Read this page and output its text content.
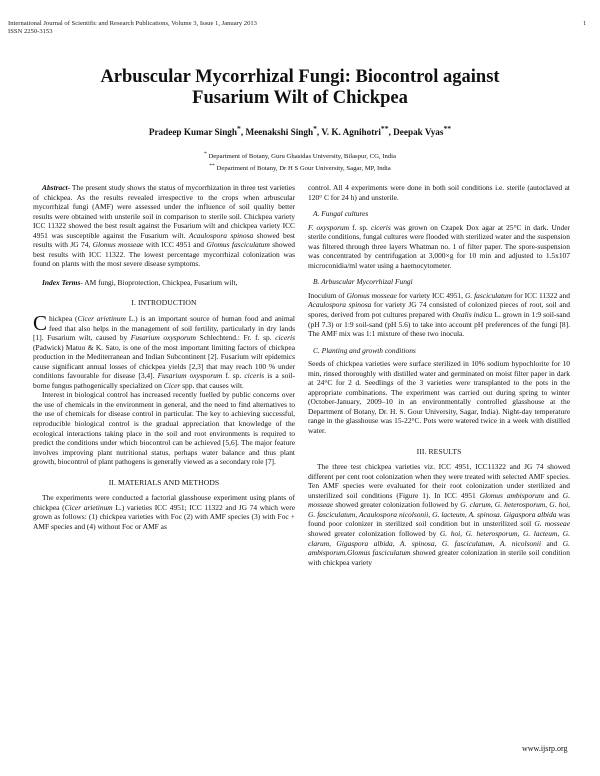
International Journal of Scientific and Research Publications, Volume 3, Issue 1, January 2013
ISSN 2250-3153
1
Arbuscular Mycorrhizal Fungi: Biocontrol against
Fusarium Wilt of Chickpea
Pradeep Kumar Singh*, Meenakshi Singh*, V. K. Agnihotri**, Deepak Vyas**
* Department of Botany, Guru Ghasidas University, Bilaspur, CG, India
** Department of Botany, Dr H S Gour University, Sagar, MP, India

Abstract- The present study shows the status of mycorrhization in three test varieties of chickpea. As the results revealed irrespective to the crops when arbuscular mycorrhizal fungi (AMF) were assessed under the influence of soil quality better results were obtained with unsterile soil in comparison to sterile soil. Chickpea variety ICC 11322 showed the best result against the Fusarium wilt and chickpea variety ICC 4951 was susceptible against the Fusarium wilt. Acaulospora spinosa showed best results with JG 74, Glomus mosseae with ICC 4951 and Glomus fasciculatum showed best results with ICC 11322. The lowest percentage mycorrhizal colonization was found on plants with the most severe disease symptoms.

Index Terms- AM fungi, Bioprotection, Chickpea, Fusarium wilt,

I. INTRODUCTION

Chickpea (Cicer arietinum L.) is an important source of human food and animal feed that also helps in the management of soil fertility, particularly in dry lands [1]. Fusarium wilt, caused by Fusarium oxysporum Schlechtend.: Fr. f. sp. ciceris (Padwick) Matuo & K. Sato, is one of the most important limiting factors of chickpea production in the Mediterranean and Indian Subcontinent [2]. Fusarium wilt epidemics cause significant annual losses of chickpea yields [2,3] that may reach 100 % under conditions favourable for disease [3,4]. Fusarium oxysporum f. sp. ciceris is a soil-borne fungus pathogenically specialized on Cicer spp. that causes wilt.

Interest in biological control has increased recently fuelled by public concerns over the use of chemicals in the environment in general, and the need to find alternatives to the use of chemicals for disease control in particular. The key to achieving successful, reproducible biological control is the gradual appreciation that knowledge of the ecological interactions taking place in the soil and root environments is required to predict the conditions under which biocontrol can be achieved [5,6]. The major feature involves improving plant nutritional status, perhaps water balance and thus plant growth, biocontrol of plant pathogens is generally viewed as a secondary role [7].

II. MATERIALS AND METHODS

The experiments were conducted a factorial glasshouse experiment using plants of chickpea (Cicer arietinum L.) varieties ICC 4951; ICC 11322 and JG 74 which were grown as follows: (1) chickpea varieties with Foc (2) with AMF species (3) with Foc + AMF species and (4) without Foc or AMF as

control. All 4 experiments were done in both soil conditions i.e. sterile (autoclaved at 120° C for 24 h) and unsterile.

A. Fungal cultures

F. oxysporum f. sp. ciceris was grown on Czapek Dox agar at 25°C in dark. Under sterile conditions, fungal cultures were flooded with sterilized water and the suspension was filtered through three layers Whatman no. 1 of filter paper. The spore-suspension was concentrated by centrifugation at 3,000×g for 10 min and adjusted to 1.5x107 microconidia/ml water using a haemocytometer.

B. Arbuscular Mycorrhizal Fungi

Inoculum of Glomus mosseae for variety ICC 4951, G. fasciculatum for ICC 11322 and Acaulospora spinosa for variety JG 74 consisted of colonized pieces of root, soil and spores, derived from pot cultures prepared with Oxalis indica L. grown in 1:9 soil-sand (pH 7.3) or 1:9 soil-sand (pH 5.6) to take into account pH preferences of the fungi [8]. The AMF mix was 1:1 mixture of these two inocula.

C. Planting and growth conditions

Seeds of chickpea varieties were surface sterilized in 10% sodium hypochlorite for 10 min, rinsed thoroughly with distilled water and germinated on moist filter paper in dark at 24°C for 2 d. Seedlings of the 3 varieties were transplanted to the pots in the appropriate combinations. The experiment was carried out during spring to winter (October-January, 2009–10 in an environmentally controlled glasshouse at the Department of Botany, Dr. H. S. Gour University, Sagar, India). Night-day temperature range in the glasshouse was 15-22°C. Pots were watered twice in a week with distilled water.

III. RESULTS

The three test chickpea varieties viz. ICC 4951, ICC11322 and JG 74 showed different per cent root colonization when they were treated with selected AMF species. Ten AMF species were evaluated for their root colonization under sterilized and unsterilized soil conditions (Figure 1). In ICC 4951 Glomus ambisporum and G. mosseae showed greater colonization followed by G. clarum, G. heterosporum, G. hoi, G. fasciculatum, Acaulospora nicolsonii, G. lacteum, A. spinosa. Gigaspora albida was found poor colonizer in sterilized soil condition but in unsterilized soil G. mosseae showed greater colonization followed by G. hoi, G. heterosporum, G. lacteum, G. clarum, Gigaspora albida, A. spinosa, G. fasciculatum, A. nicolsonii and G. ambisporum.Glomus fasciculatum showed greater colonization in sterile soil condition with chickpea variety

www.ijsrp.org
